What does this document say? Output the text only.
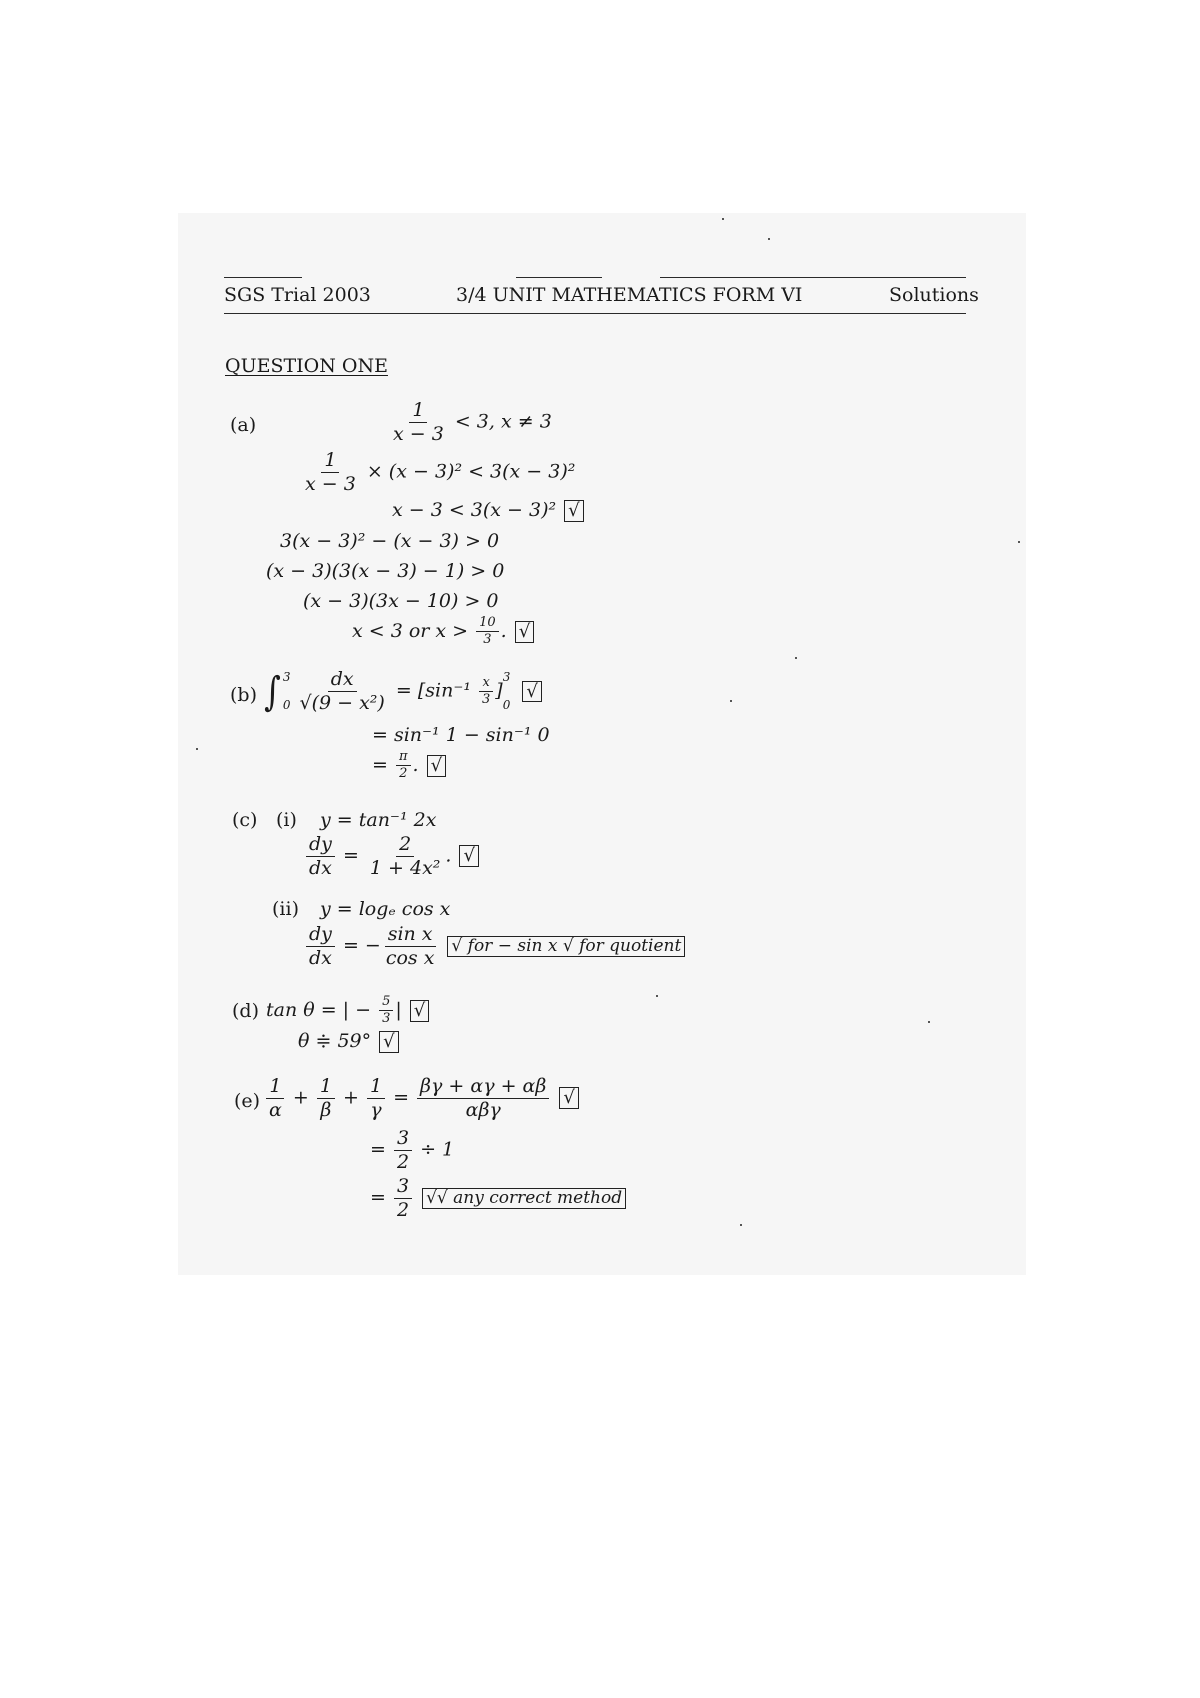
SGS Trial 2003	3/4 UNIT MATHEMATICS FORM VI	Solutions
QUESTION ONE
(a)	$\frac{1}{x - 3} < 3$, x ≠ 3
$\frac{1}{x - 3} \times (x - 3)^2 < 3(x - 3)^2$
x − 3 < 3(x − 3)² √
3(x − 3)² − (x − 3) > 0
(x − 3)(3(x − 3) − 1) > 0
(x − 3)(3x − 10) > 0
x < 3 or $x > \frac{10}{3}$ . √
(b) ∫ 3
$0 \frac{dx}{\text{√(9 − x²)}} = [\sin^{-1} \frac{x}{3}$ ]
3
0
√
= sin⁻¹ 1 − sin⁻¹ 0
= $\frac{\pi}{2}$ . √
(c) (i) y = tan⁻¹ 2x
$\frac{dy}{dx} = \frac{2}{\text{1 + 4x²}}$ . √
(ii) y = logₑ cos x
$\frac{dy}{dx}$ = − $\frac{\text{sin x}}{\text{cos x}}$ √ for − sin x √ for quotient
(d) tan θ = | − $\frac{5}{3}$ | √
θ ≑ 59° √
$(e) \frac{1}{\alpha} + \frac{1}{\beta} + \frac{1}{\gamma} = \frac{\beta\gamma + \alpha\gamma + \alpha\beta}{\text{αβγ}}$ √
= $\frac{3}{2} \div 1$
= $\frac{3}{2}$ √√ any correct method
